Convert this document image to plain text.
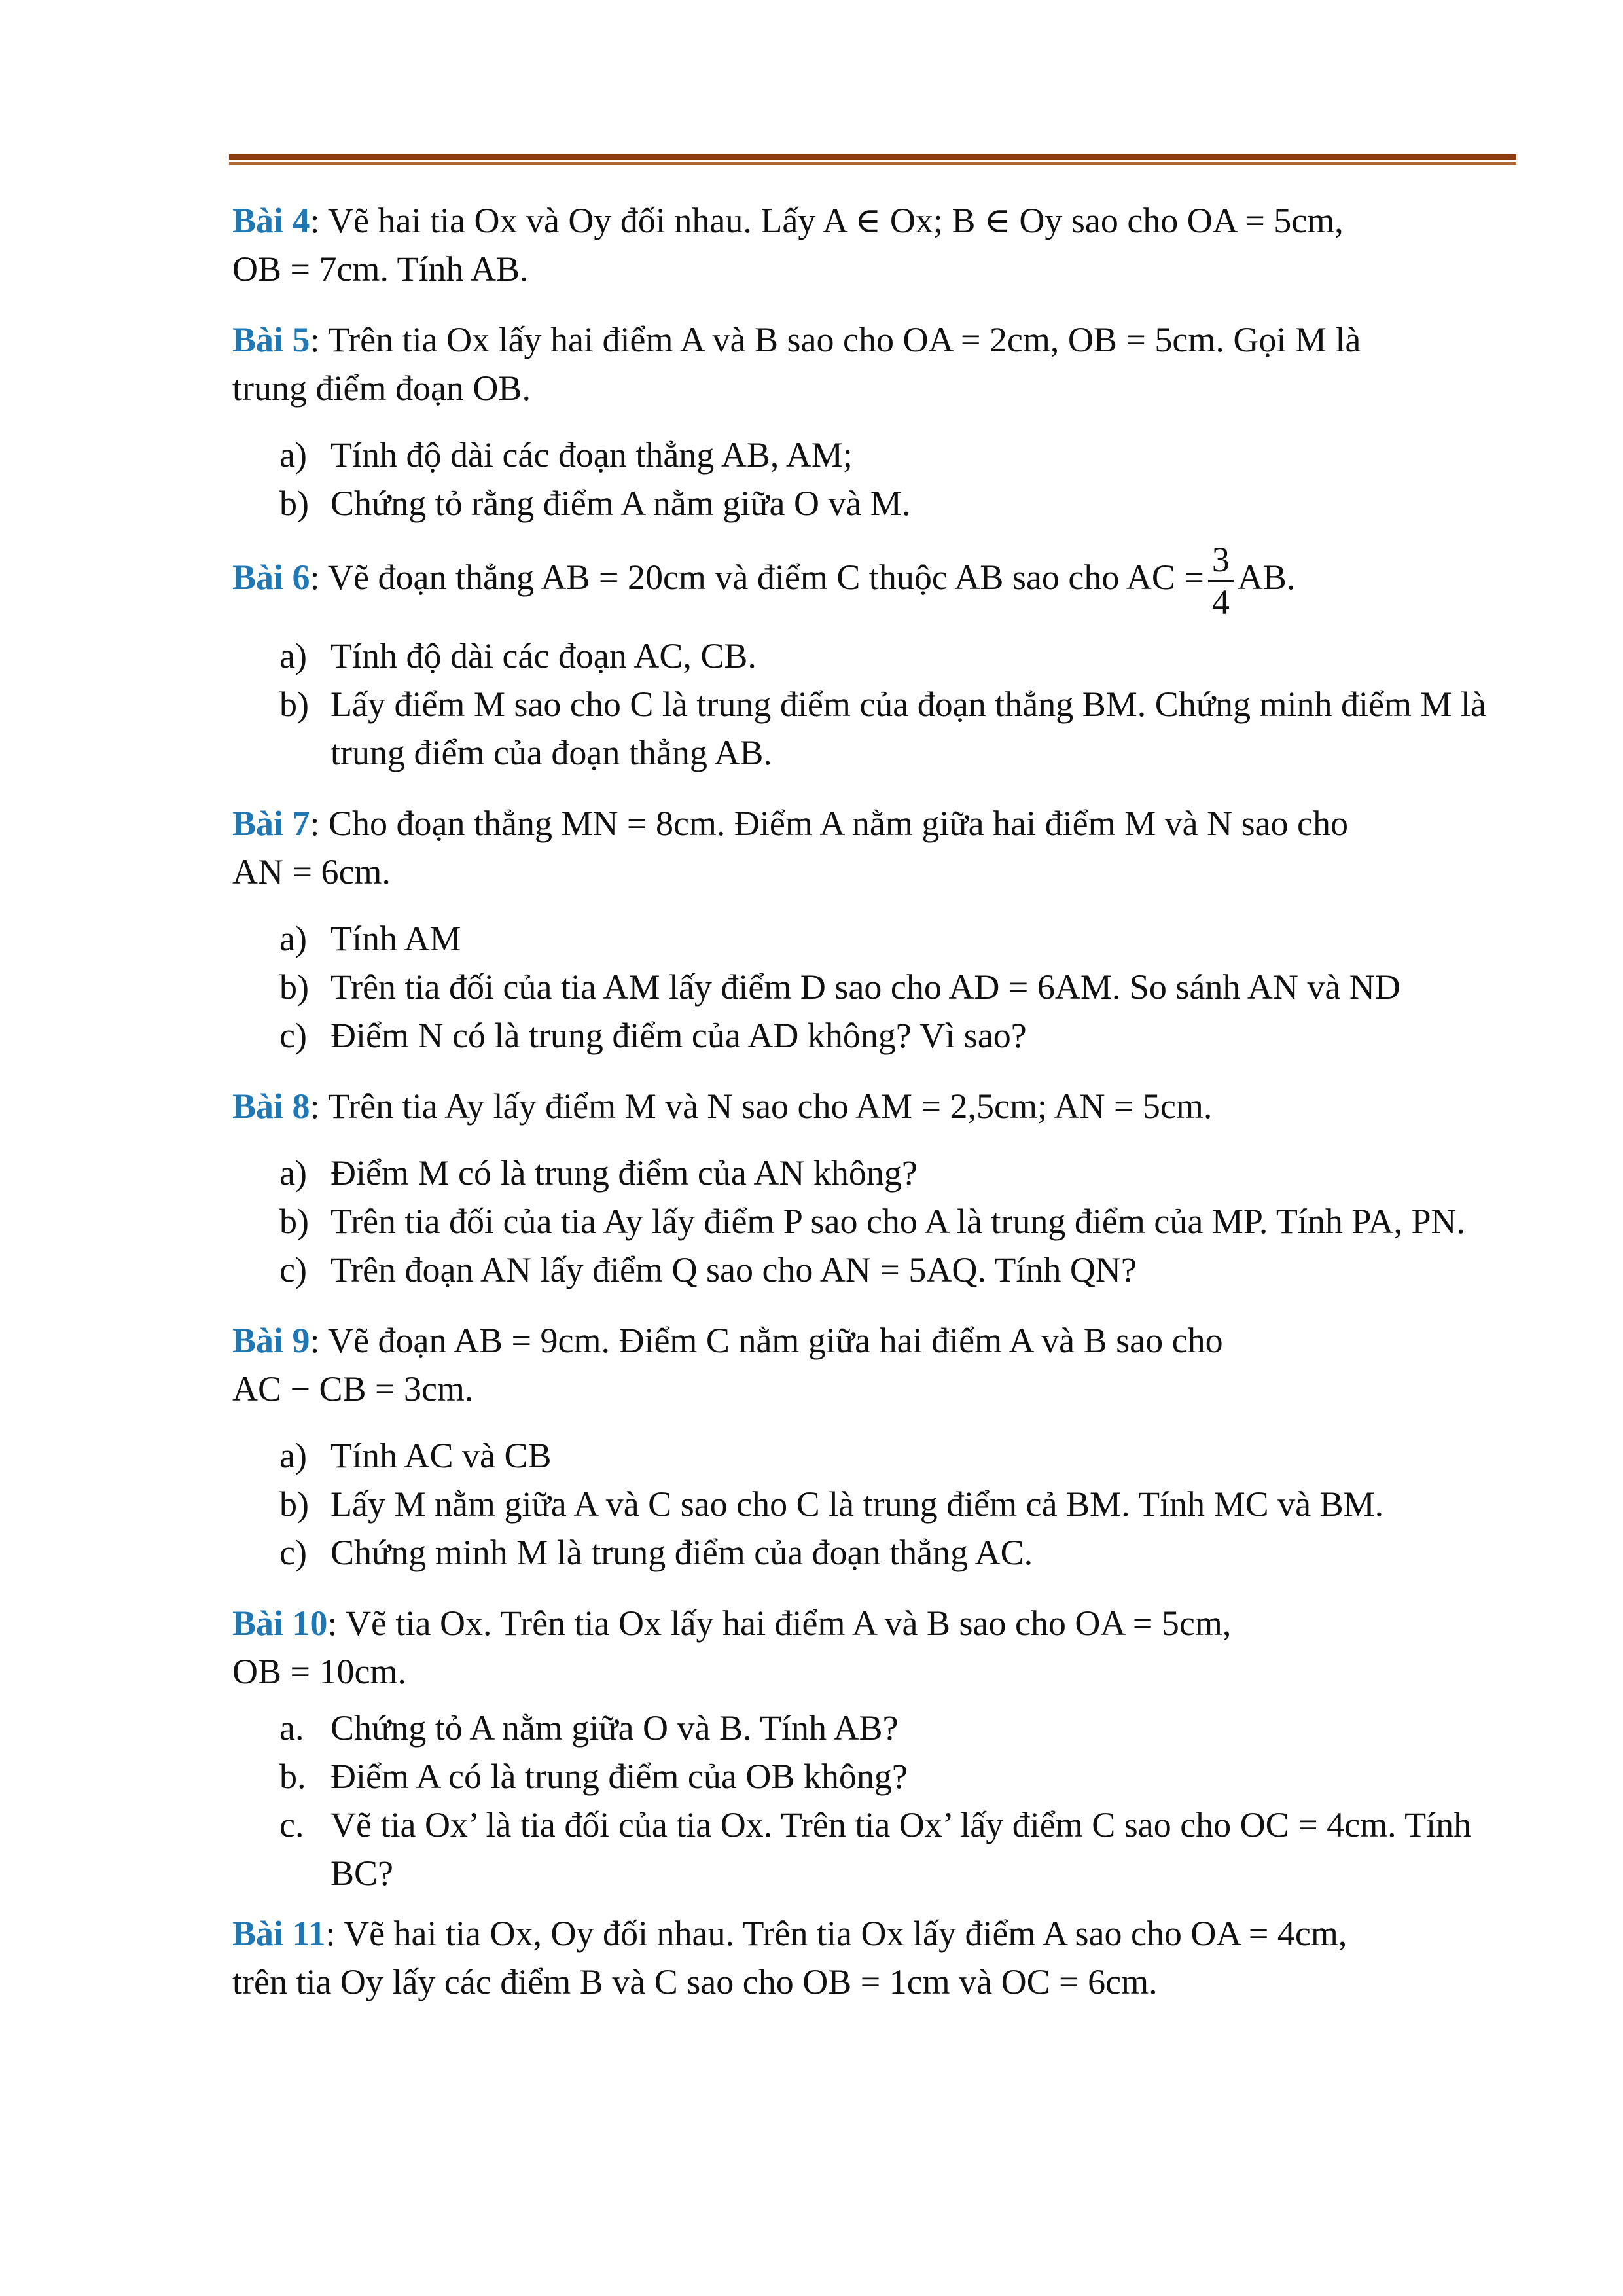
Bài 4: Vẽ hai tia Ox và Oy đối nhau. Lấy A ∈ Ox; B ∈ Oy sao cho OA = 5cm,
OB = 7cm. Tính AB.
Bài 5: Trên tia Ox lấy hai điểm A và B sao cho OA = 2cm, OB = 5cm. Gọi M là
trung điểm đoạn OB.
a) Tính độ dài các đoạn thẳng AB, AM;
b) Chứng tỏ rằng điểm A nằm giữa O và M.
Bài 6: Vẽ đoạn thẳng AB = 20cm và điểm C thuộc AB sao cho AC = $\frac{3}{4}$ AB.
a) Tính độ dài các đoạn AC, CB.
b) Lấy điểm M sao cho C là trung điểm của đoạn thẳng BM. Chứng minh điểm M là trung điểm của đoạn thẳng AB.
Bài 7: Cho đoạn thẳng MN = 8cm. Điểm A nằm giữa hai điểm M và N sao cho
AN = 6cm.
a) Tính AM
b) Trên tia đối của tia AM lấy điểm D sao cho AD = 6AM. So sánh AN và ND
c) Điểm N có là trung điểm của AD không? Vì sao?
Bài 8: Trên tia Ay lấy điểm M và N sao cho AM = 2,5cm; AN = 5cm.
a) Điểm M có là trung điểm của AN không?
b) Trên tia đối của tia Ay lấy điểm P sao cho A là trung điểm của MP. Tính PA, PN.
c) Trên đoạn AN lấy điểm Q sao cho AN = 5AQ. Tính QN?
Bài 9: Vẽ đoạn AB = 9cm. Điểm C nằm giữa hai điểm A và B sao cho
AC − CB = 3cm.
a) Tính AC và CB
b) Lấy M nằm giữa A và C sao cho C là trung điểm cả BM. Tính MC và BM.
c) Chứng minh M là trung điểm của đoạn thẳng AC.
Bài 10: Vẽ tia Ox. Trên tia Ox lấy hai điểm A và B sao cho OA = 5cm,
OB = 10cm.
a. Chứng tỏ A nằm giữa O và B. Tính AB?
b. Điểm A có là trung điểm của OB không?
c. Vẽ tia Ox’ là tia đối của tia Ox. Trên tia Ox’ lấy điểm C sao cho OC = 4cm. Tính BC?
Bài 11: Vẽ hai tia Ox, Oy đối nhau. Trên tia Ox lấy điểm A sao cho OA = 4cm,
trên tia Oy lấy các điểm B và C sao cho OB = 1cm và OC = 6cm.
